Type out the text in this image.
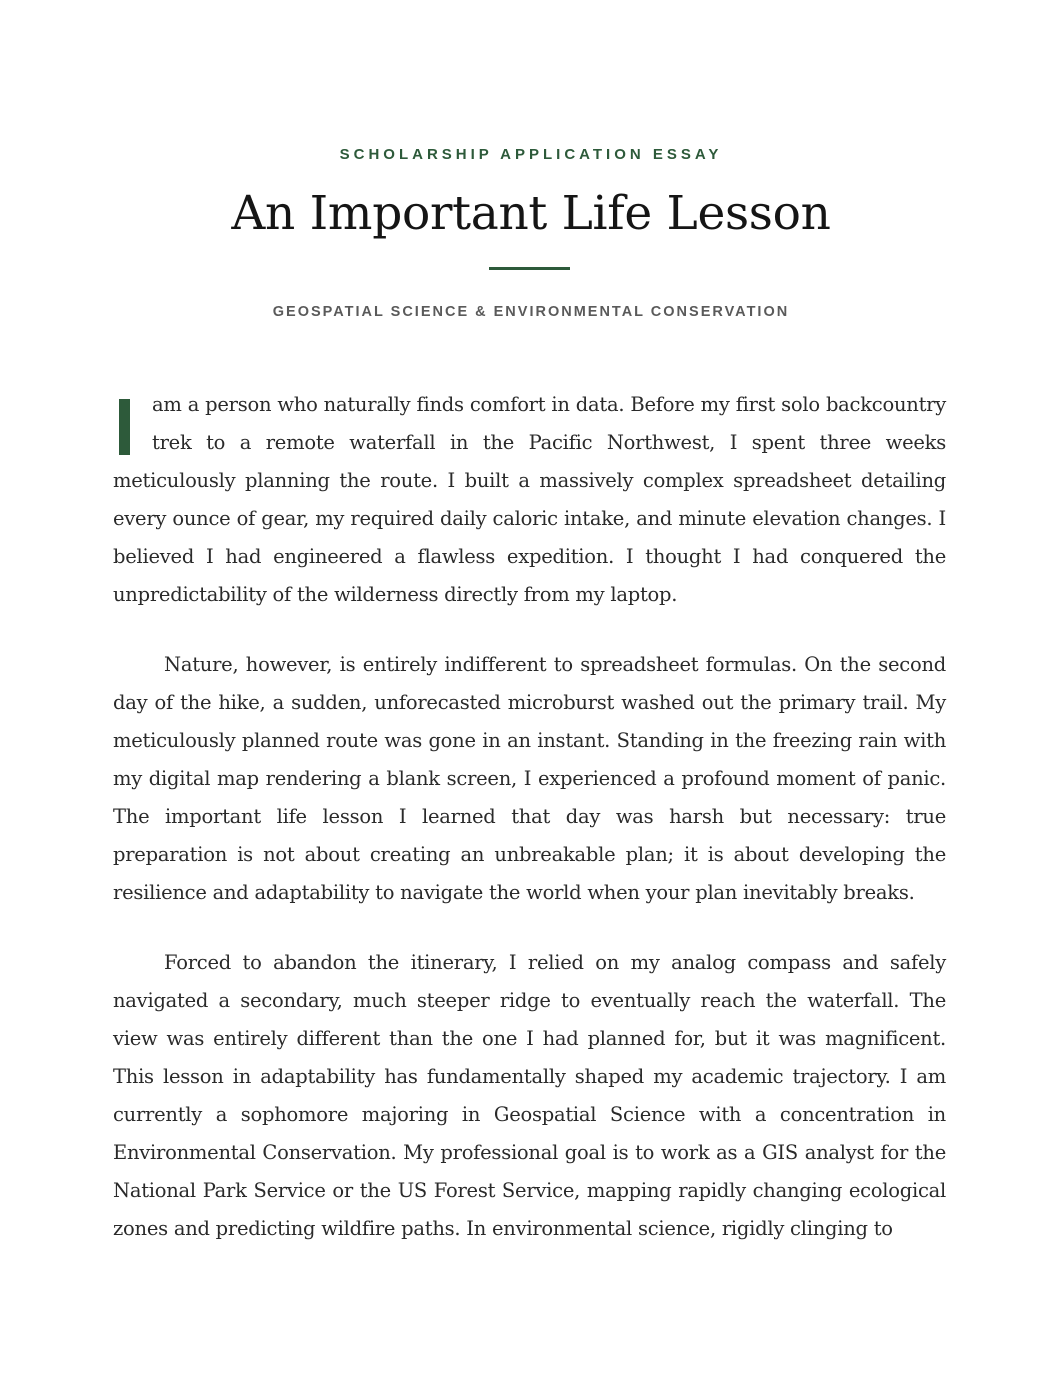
SCHOLARSHIP APPLICATION ESSAY
An Important Life Lesson
GEOSPATIAL SCIENCE & ENVIRONMENTAL CONSERVATION

am a person who naturally finds comfort in data. Before my first solo backcountry trek to a remote waterfall in the Pacific Northwest, I spent three weeks meticulously planning the route. I built a massively complex spreadsheet detailing every ounce of gear, my required daily caloric intake, and minute elevation changes. I believed I had engineered a flawless expedition. I thought I had conquered the unpredictability of the wilderness directly from my laptop.

Nature, however, is entirely indifferent to spreadsheet formulas. On the second day of the hike, a sudden, unforecasted microburst washed out the primary trail. My meticulously planned route was gone in an instant. Standing in the freezing rain with my digital map rendering a blank screen, I experienced a profound moment of panic. The important life lesson I learned that day was harsh but necessary: true preparation is not about creating an unbreakable plan; it is about developing the resilience and adaptability to navigate the world when your plan inevitably breaks.

Forced to abandon the itinerary, I relied on my analog compass and safely navigated a secondary, much steeper ridge to eventually reach the waterfall. The view was entirely different than the one I had planned for, but it was magnificent. This lesson in adaptability has fundamentally shaped my academic trajectory. I am currently a sophomore majoring in Geospatial Science with a concentration in Environmental Conservation. My professional goal is to work as a GIS analyst for the National Park Service or the US Forest Service, mapping rapidly changing ecological zones and predicting wildfire paths. In environmental science, rigidly clinging to
